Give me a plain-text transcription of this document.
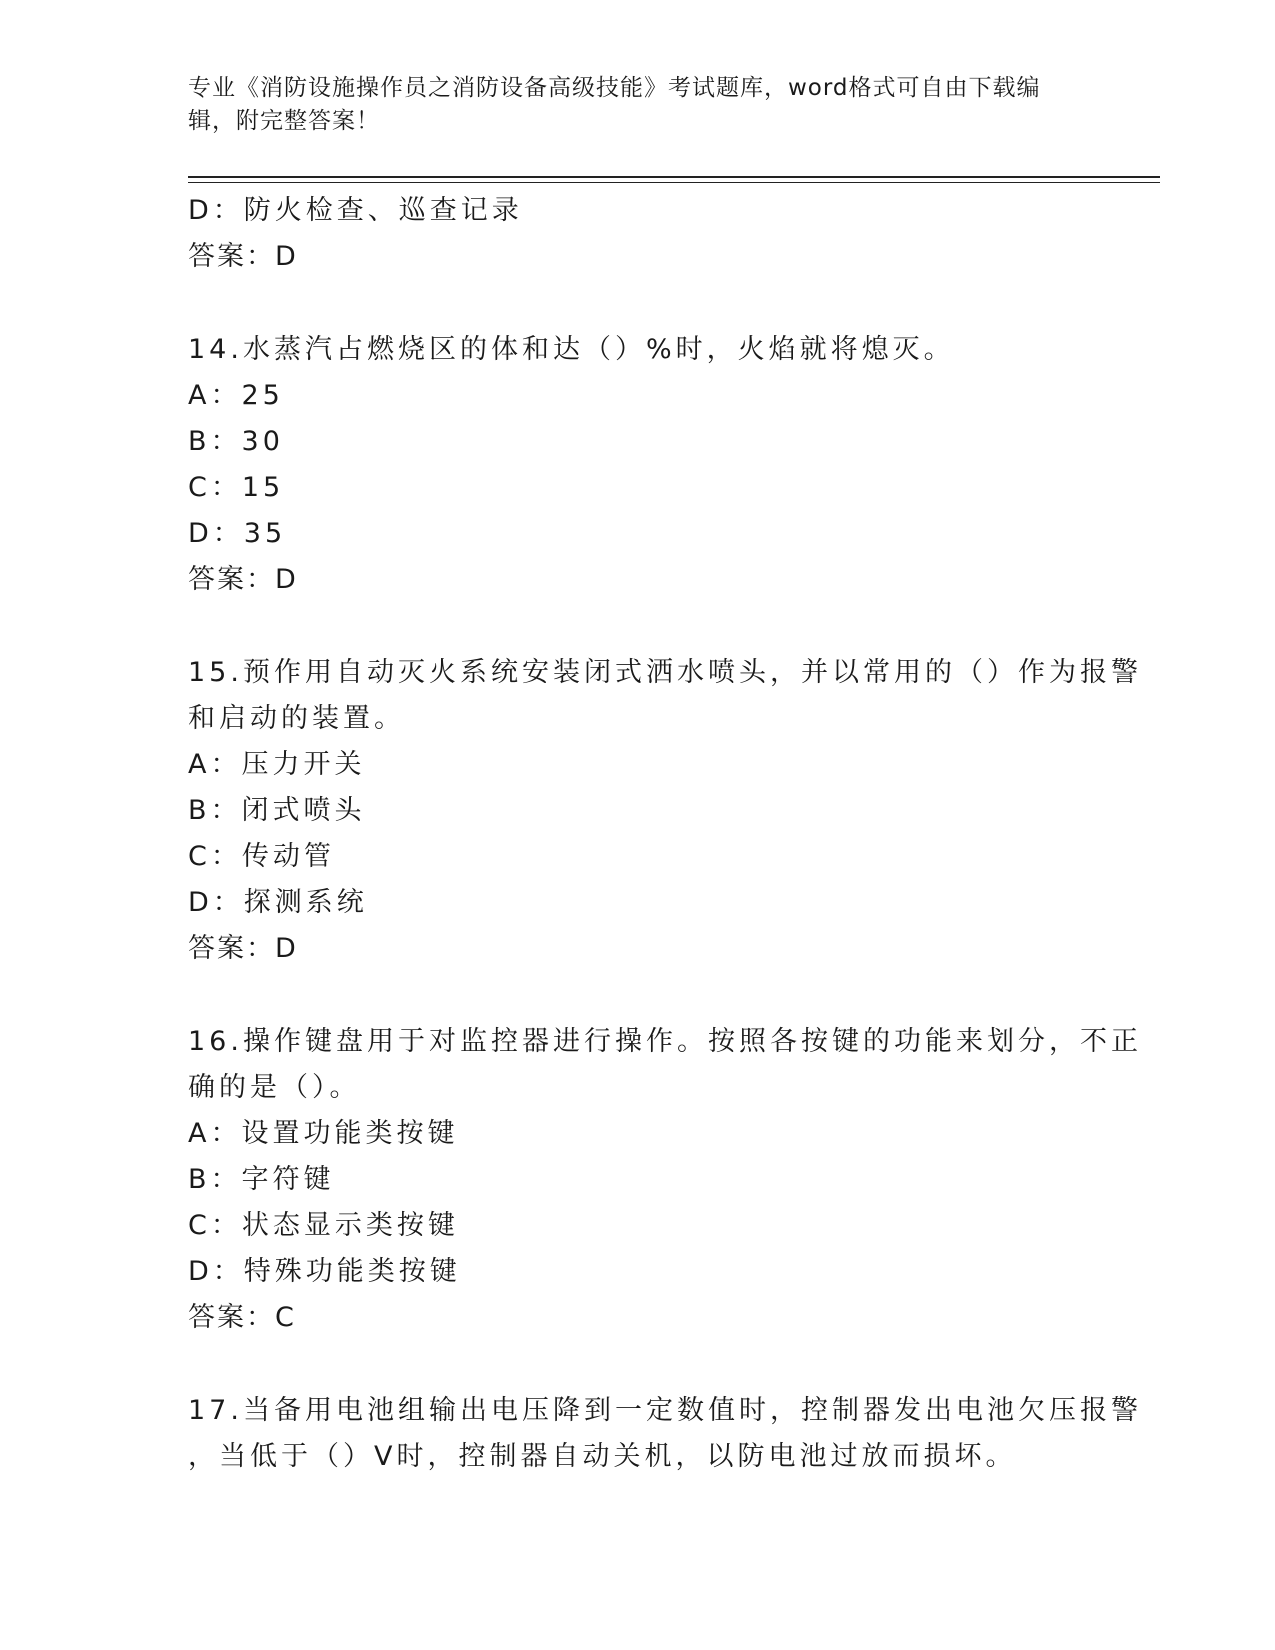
专业《消防设施操作员之消防设备高级技能》考试题库，word格式可自由下载编
辑，附完整答案！
D：防火检查、巡查记录
答案：D
14.水蒸汽占燃烧区的体和达（）%时，火焰就将熄灭。
A：25
B：30
C：15
D：35
答案：D
15.预作用自动灭火系统安装闭式洒水喷头，并以常用的（）作为报警
和启动的装置。
A：压力开关
B：闭式喷头
C：传动管
D：探测系统
答案：D
16.操作键盘用于对监控器进行操作。按照各按键的功能来划分，不正
确的是（）。
A：设置功能类按键
B：字符键
C：状态显示类按键
D：特殊功能类按键
答案：C
17.当备用电池组输出电压降到一定数值时，控制器发出电池欠压报警
，当低于（）V时，控制器自动关机，以防电池过放而损坏。
